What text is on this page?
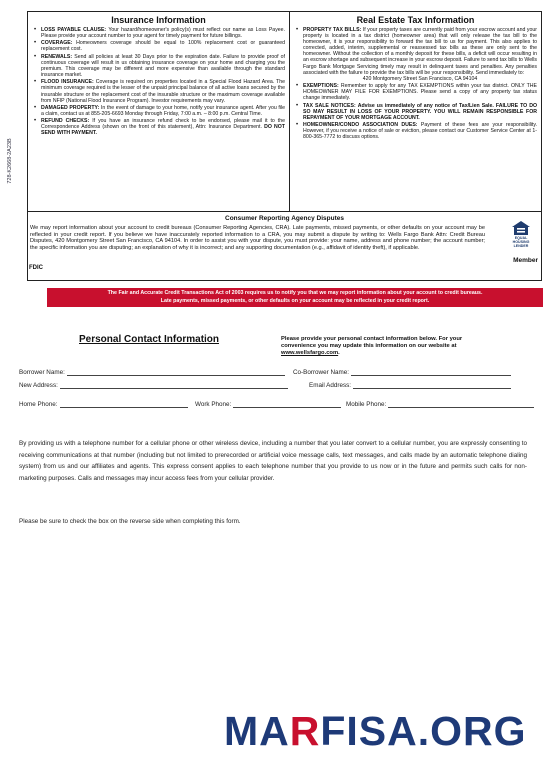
728-K2668-2A23B
Insurance Information
• LOSS PAYABLE CLAUSE: Your hazard/homeowner's policy(s) must reflect our name as Loss Payee. Please provide your account number to your agent for timely payment for future billings.
• COVERAGE: Homeowners coverage should be equal to 100% replacement cost or guaranteed replacement cost.
• RENEWALS: Send all policies at least 30 Days prior to the expiration date. Failure to provide proof of continuous coverage will result in us obtaining insurance coverage on your home and charging you the premium. This coverage may be different and more expensive than available through the standard insurance market.
• FLOOD INSURANCE: Coverage is required on properties located in a Special Flood Hazard Area. The minimum coverage required is the lesser of the unpaid principal balance of all active loans secured by the insurable structure or the replacement cost of the insurable structure or the maximum coverage available from NFIP (National Flood Insurance Program). Investor requirements may vary.
• DAMAGED PROPERTY: In the event of damage to your home, notify your insurance agent. After you file a claim, contact us at 855-205-6693 Monday through Friday, 7:00 a.m. – 8:00 p.m. Central Time.
• REFUND CHECKS: If you have an insurance refund check to be endorsed, please mail it to the Correspondence Address (shown on the front of this statement), Attn: Insurance Department. DO NOT SEND WITH PAYMENT.
Real Estate Tax Information
• PROPERTY TAX BILLS: If your property taxes are currently paid from your escrow account and your property is located in a tax district (homeowner area) that will only release the tax bill to the homeowner, it is your responsibility to forward the tax bill to us for payment. This also applies to corrected, added, interim, supplemental or reassessed tax bills as these are only sent to the homeowner. Without the collection of a monthly deposit for these bills, a deficit will occur resulting in an escrow shortage and subsequent increase in your escrow deposit. Failure to send tax bills to Wells Fargo Bank Mortgage Servicing timely may result in delinquent taxes and penalties. Any penalties associated with the failure to provide the tax bills will be your responsibility. Send immediately to:
420 Montgomery Street San Francisco, CA 94104
• EXEMPTIONS: Remember to apply for any TAX EXEMPTIONS within your tax district. ONLY THE HOMEOWNER MAY FILE FOR EXEMPTIONS. Please send a copy of any property tax status change immediately.
• TAX SALE NOTICES: Advise us immediately of any notice of Tax/Lien Sale. FAILURE TO DO SO MAY RESULT IN LOSS OF YOUR PROPERTY. YOU WILL REMAIN RESPONSIBLE FOR REPAYMENT OF YOUR MORTGAGE ACCOUNT.
• HOMEOWNER/CONDO ASSOCIATION DUES: Payment of these fees are your responsibility. However, if you receive a notice of sale or eviction, please contact our Customer Service Center at 1-800-365-7772 to discuss options.
Consumer Reporting Agency Disputes
We may report information about your account to credit bureaus (Consumer Reporting Agencies, CRA). Late payments, missed payments, or other defaults on your account may be reflected in your credit report. If you believe we have inaccurately reported information to a CRA, you may submit a dispute by writing to: Wells Fargo Bank Attn: Credit Bureau Disputes, 420 Montgomery Street San Francisco, CA 94104. In order to assist you with your dispute, you must provide: your name, address and phone number; the account number; the specific information you are disputing; an explanation of why it is incorrect; and any supporting documentation (e.g., affidavit of identity theft), if applicable.
EQUAL HOUSING LENDER
Member
FDIC
The Fair and Accurate Credit Transactions Act of 2003 requires us to notify you that we may report information about your account to credit bureaus.
Late payments, missed payments, or other defaults on your account may be reflected in your credit report.
Personal Contact Information	Please provide your personal contact information below. For your convenience you may update this information on our website at www.wellsfargo.com.
Borrower Name:	Co-Borrower Name:
New Address:	Email Address:
Home Phone:	Work Phone:	Mobile Phone:
By providing us with a telephone number for a cellular phone or other wireless device, including a number that you later convert to a cellular number, you are expressly consenting to receiving communications at that number (including but not limited to prerecorded or artificial voice message calls, text messages, and calls made by an automatic telephone dialing system) from us and our affiliates and agents. This express consent applies to each telephone number that you provide to us now or in the future and permits such calls for non-marketing purposes. Calls and messages may incur access fees from your cellular provider.
Please be sure to check the box on the reverse side when completing this form.
MARFISA.ORG
